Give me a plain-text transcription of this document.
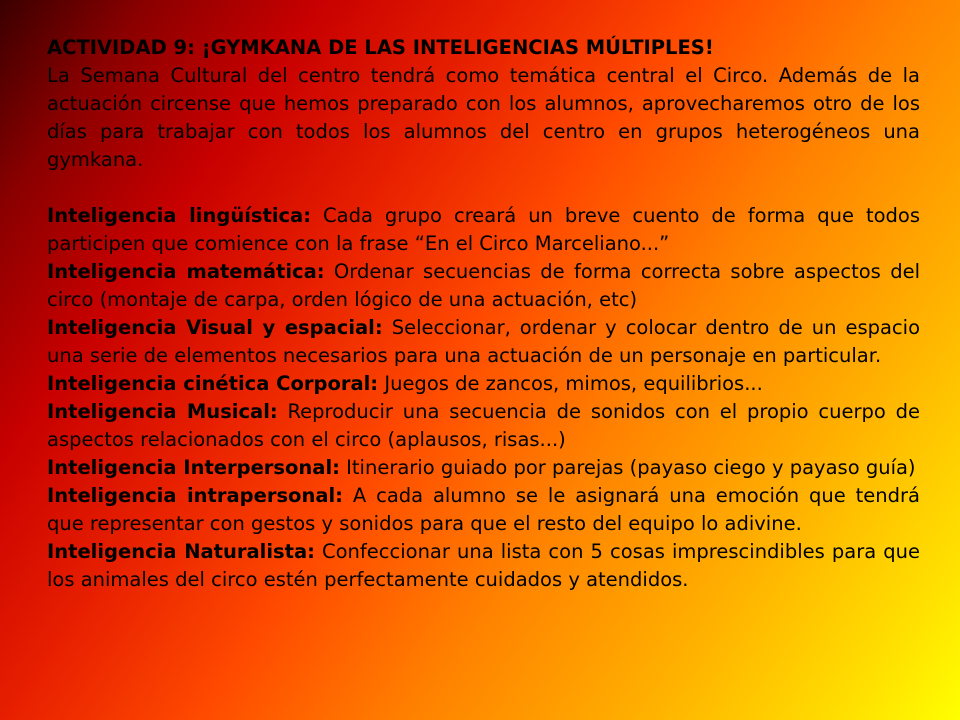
ACTIVIDAD 9: ¡GYMKANA DE LAS INTELIGENCIAS MÚLTIPLES!

La Semana Cultural del centro tendrá como temática central el Circo. Además de la actuación circense que hemos preparado con los alumnos, aprovecharemos otro de los días para trabajar con todos los alumnos del centro en grupos heterogéneos una gymkana.

Inteligencia lingüística: Cada grupo creará un breve cuento de forma que todos participen que comience con la frase “En el Circo Marceliano...”

Inteligencia matemática: Ordenar secuencias de forma correcta sobre aspectos del circo (montaje de carpa, orden lógico de una actuación, etc)

Inteligencia Visual y espacial: Seleccionar, ordenar y colocar dentro de un espacio una serie de elementos necesarios para una actuación de un personaje en particular.

Inteligencia cinética Corporal: Juegos de zancos, mimos, equilibrios...

Inteligencia Musical: Reproducir una secuencia de sonidos con el propio cuerpo de aspectos relacionados con el circo (aplausos, risas...)

Inteligencia Interpersonal: Itinerario guiado por parejas (payaso ciego y payaso guía)

Inteligencia intrapersonal: A cada alumno se le asignará una emoción que tendrá que representar con gestos y sonidos para que el resto del equipo lo adivine.

Inteligencia Naturalista: Confeccionar una lista con 5 cosas imprescindibles para que los animales del circo estén perfectamente cuidados y atendidos.
